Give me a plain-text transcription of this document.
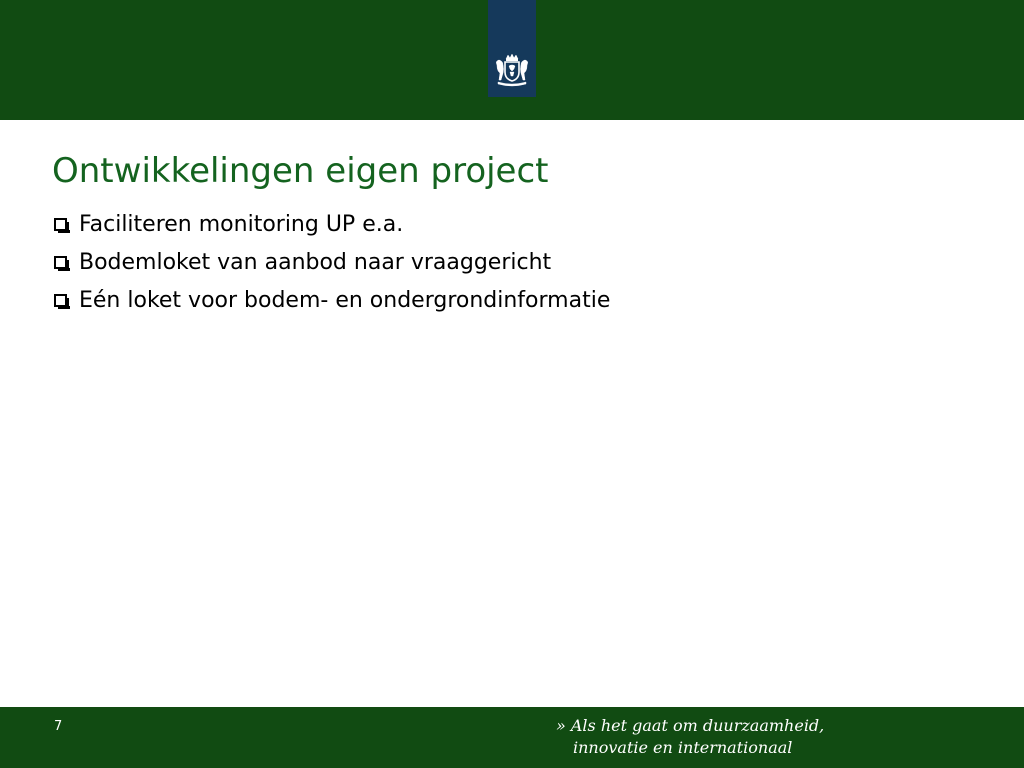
Ontwikkelingen eigen project
Faciliteren monitoring UP e.a.
Bodemloket van aanbod naar vraaggericht
Eén loket voor bodem- en ondergrondinformatie
7	» Als het gaat om duurzaamheid,
innovatie en internationaal
